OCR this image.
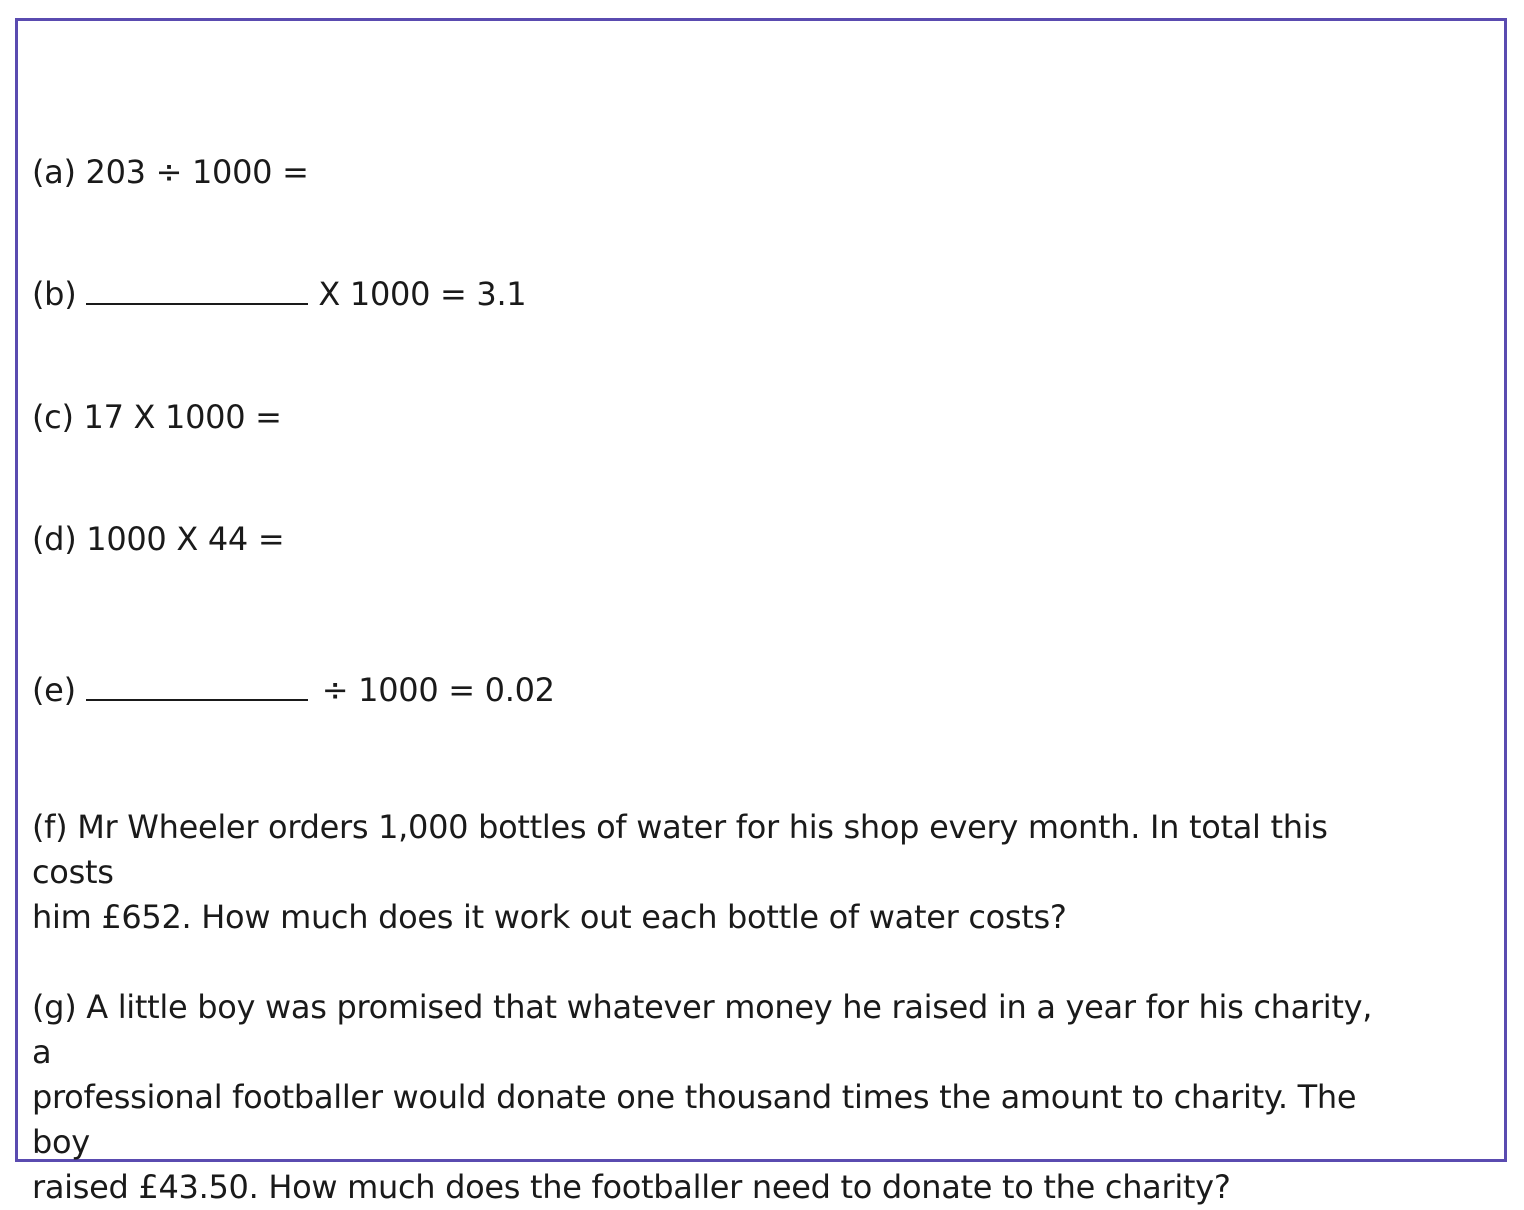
(a) 203 ÷ 1000 =
(b)	X 1000 = 3.1
(c) 17 X 1000 =
(d) 1000 X 44 =
(e)	÷ 1000 = 0.02
(f) Mr Wheeler orders 1,000 bottles of water for his shop every month. In total this costs
him £652. How much does it work out each bottle of water costs?
(g) A little boy was promised that whatever money he raised in a year for his charity, a
professional footballer would donate one thousand times the amount to charity. The boy
raised £43.50. How much does the footballer need to donate to the charity?
